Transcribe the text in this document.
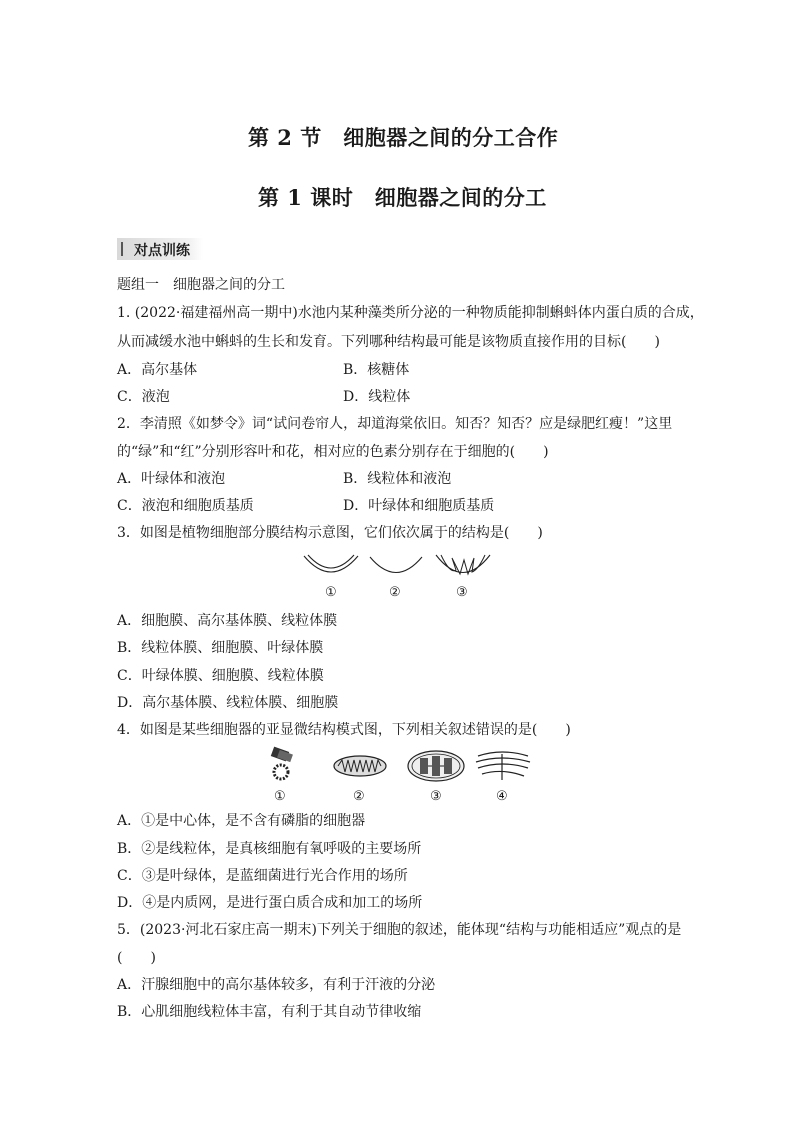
第 2 节　细胞器之间的分工合作
第 1 课时　细胞器之间的分工
对点训练
题组一　细胞器之间的分工
1. (2022·福建福州高一期中)水池内某种藻类所分泌的一种物质能抑制蝌蚪体内蛋白质的合成，
从而减缓水池中蝌蚪的生长和发育。下列哪种结构最可能是该物质直接作用的目标(　　)
A．高尔基体	B．核糖体
C．液泡	D．线粒体
2．李清照《如梦令》词“试问卷帘人，却道海棠依旧。知否？知否？应是绿肥红瘦！”这里
的“绿”和“红”分别形容叶和花，相对应的色素分别存在于细胞的(　　)
A．叶绿体和液泡	B．线粒体和液泡
C．液泡和细胞质基质	D．叶绿体和细胞质基质
3．如图是植物细胞部分膜结构示意图，它们依次属于的结构是(　　)
①	②	③
A．细胞膜、高尔基体膜、线粒体膜
B．线粒体膜、细胞膜、叶绿体膜
C．叶绿体膜、细胞膜、线粒体膜
D．高尔基体膜、线粒体膜、细胞膜
4．如图是某些细胞器的亚显微结构模式图，下列相关叙述错误的是(　　)
①	②	③	④
A．①是中心体，是不含有磷脂的细胞器
B．②是线粒体，是真核细胞有氧呼吸的主要场所
C．③是叶绿体，是蓝细菌进行光合作用的场所
D．④是内质网，是进行蛋白质合成和加工的场所
5．(2023·河北石家庄高一期末)下列关于细胞的叙述，能体现“结构与功能相适应”观点的是
(　　)
A．汗腺细胞中的高尔基体较多，有利于汗液的分泌
B．心肌细胞线粒体丰富，有利于其自动节律收缩
